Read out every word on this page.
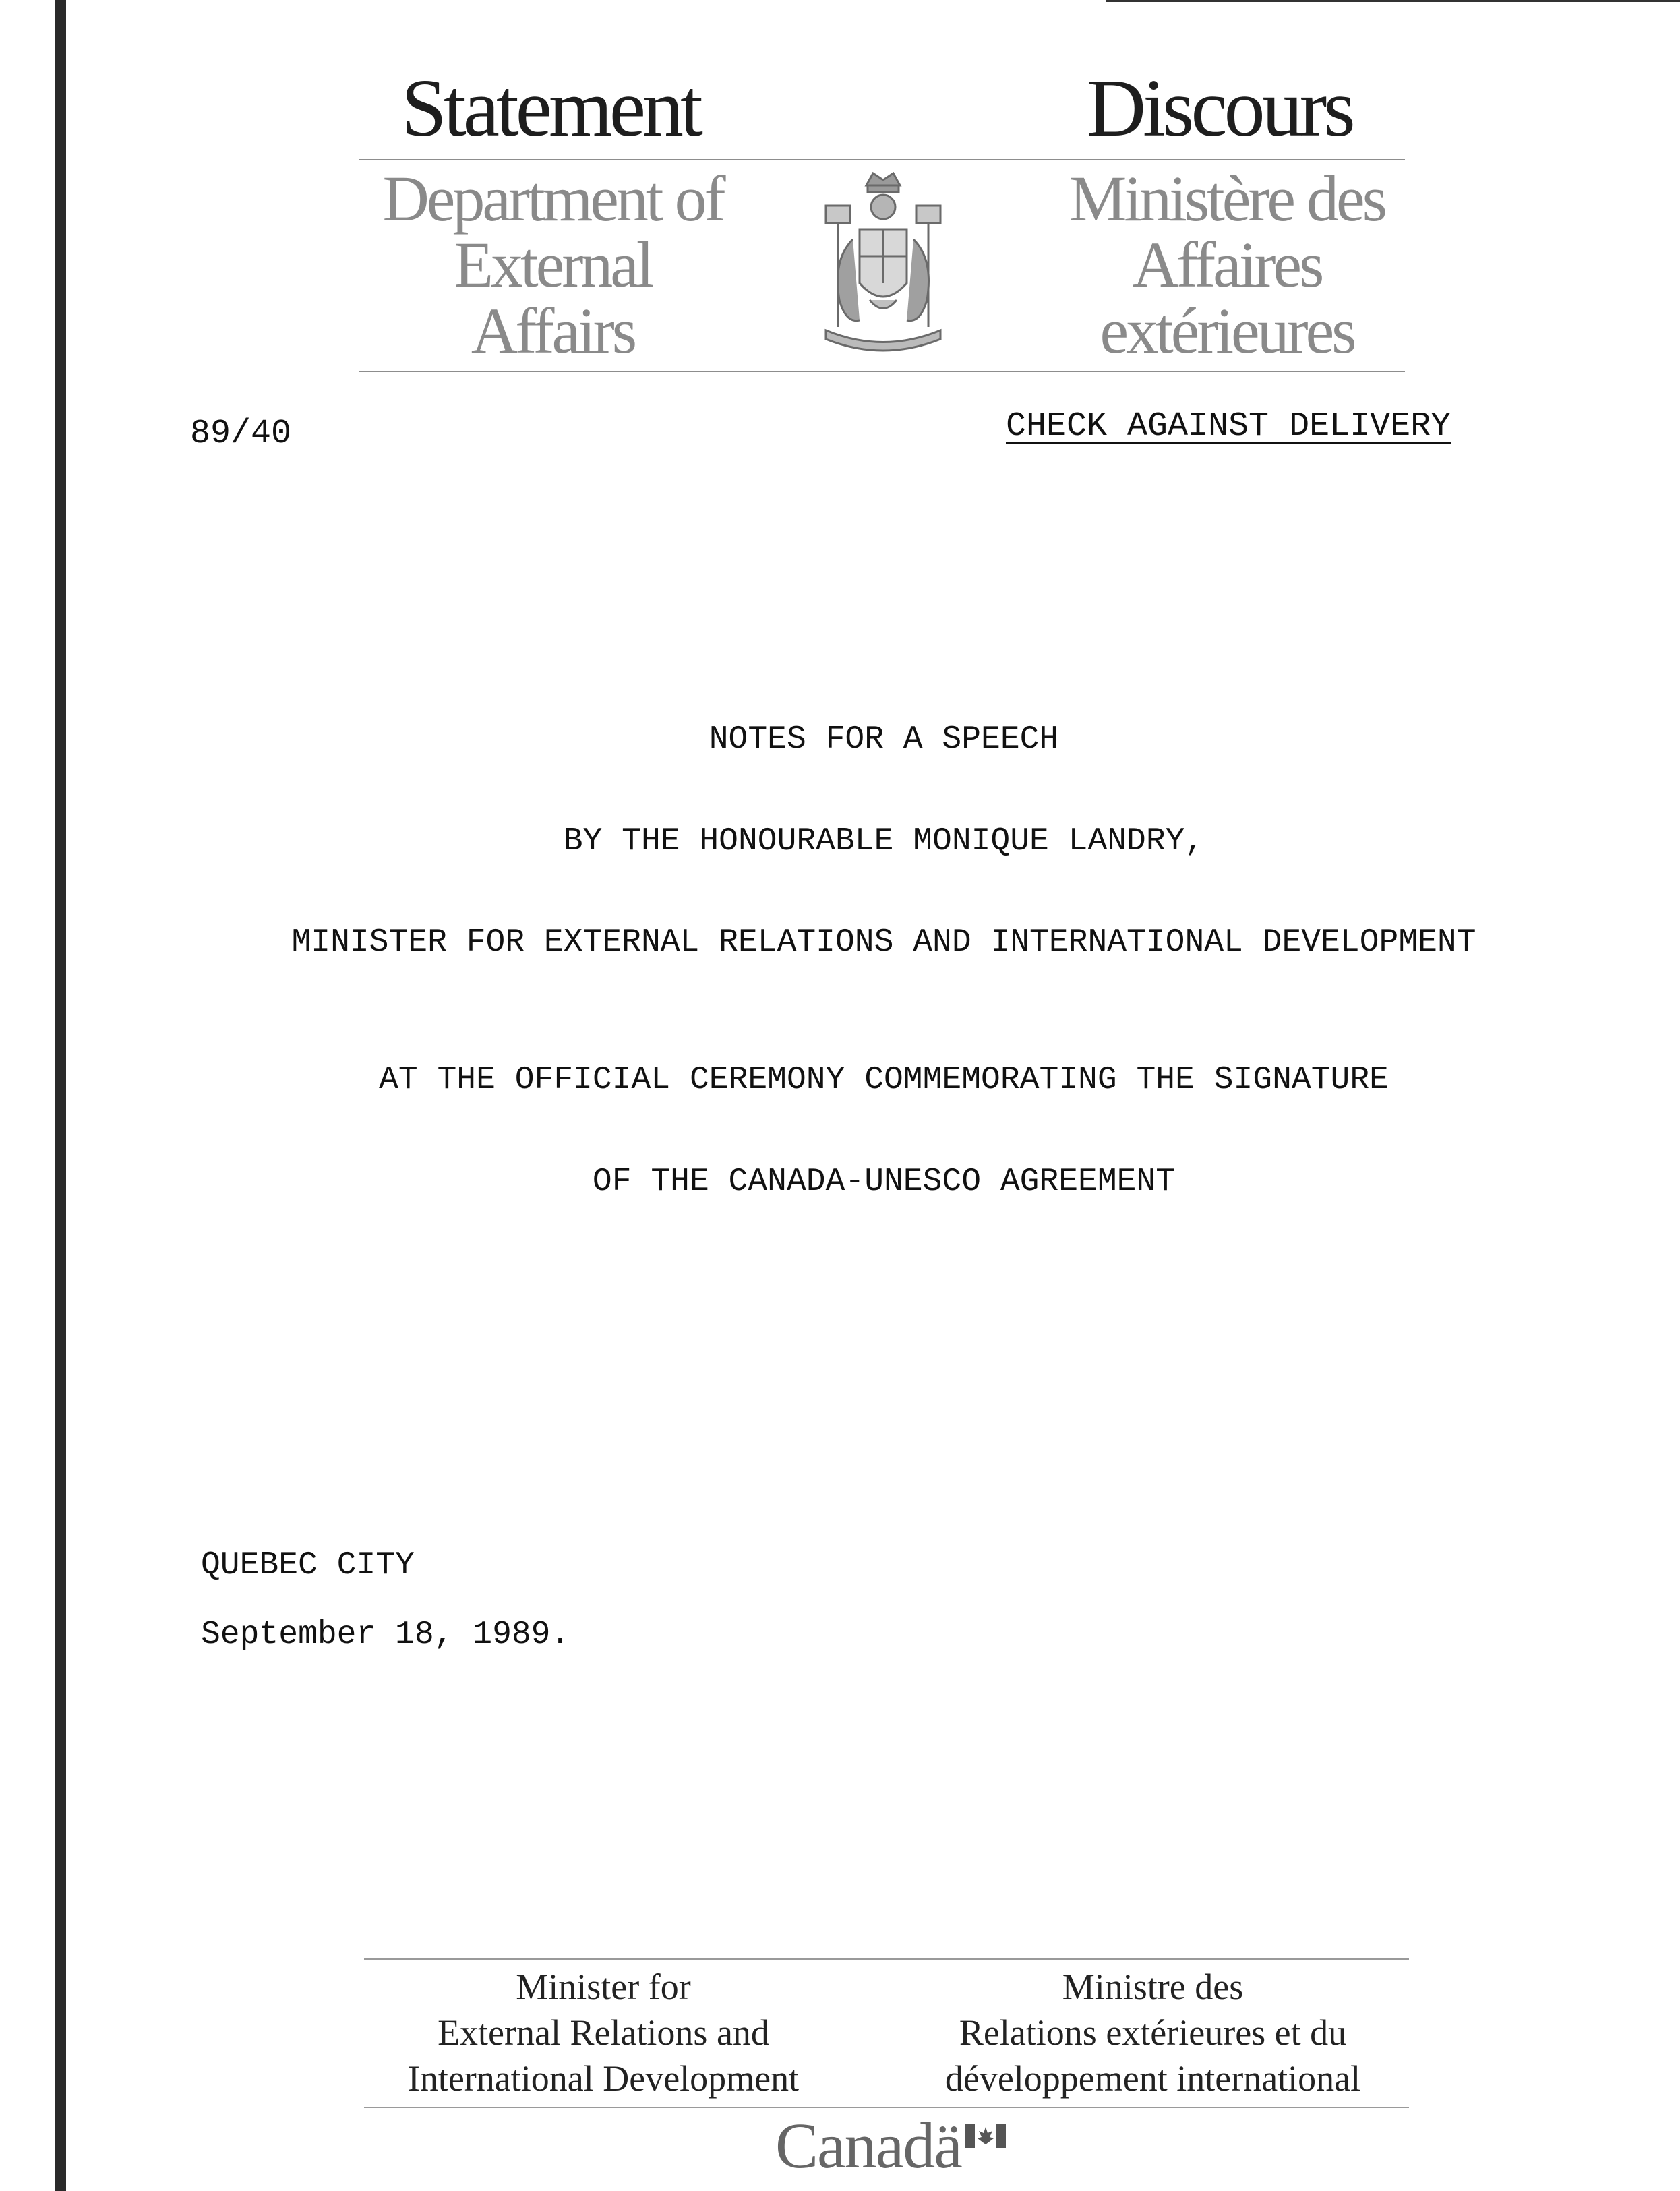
Statement	Discours
Department of
External
Affairs
Ministère des
Affaires
extérieures
89/40	CHECK AGAINST DELIVERY
NOTES FOR A SPEECH
BY THE HONOURABLE MONIQUE LANDRY,
MINISTER FOR EXTERNAL RELATIONS AND INTERNATIONAL DEVELOPMENT
AT THE OFFICIAL CEREMONY COMMEMORATING THE SIGNATURE
OF THE CANADA-UNESCO AGREEMENT
QUEBEC CITY
September 18, 1989.
Minister for
External Relations and
International Development
Ministre des
Relations extérieures et du
développement international
Canadä
